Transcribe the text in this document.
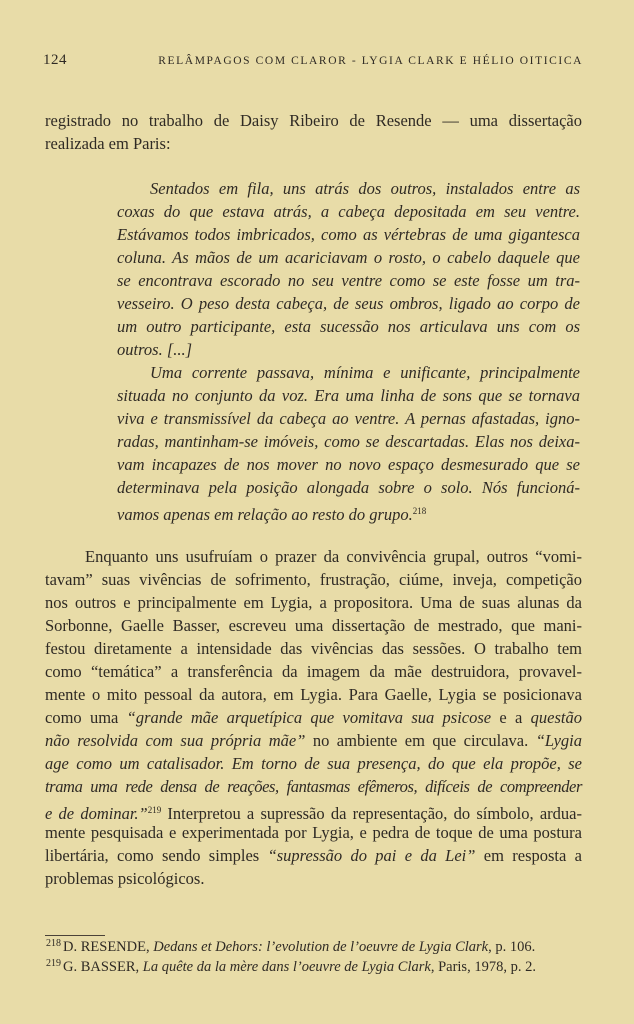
124	RELÂMPAGOS COM CLAROR - LYGIA CLARK E HÉLIO OITICICA
registrado no trabalho de Daisy Ribeiro de Resende — uma dissertação
realizada em Paris:
Sentados em fila, uns atrás dos outros, instalados entre as
coxas do que estava atrás, a cabeça depositada em seu ventre.
Estávamos todos imbricados, como as vértebras de uma gigantesca
coluna. As mãos de um acariciavam o rosto, o cabelo daquele que
se encontrava escorado no seu ventre como se este fosse um tra-
vesseiro. O peso desta cabeça, de seus ombros, ligado ao corpo de
um outro participante, esta sucessão nos articulava uns com os
outros. [...]
Uma corrente passava, mínima e unificante, principalmente
situada no conjunto da voz. Era uma linha de sons que se tornava
viva e transmissível da cabeça ao ventre. A pernas afastadas, igno-
radas, mantinham-se imóveis, como se descartadas. Elas nos deixa-
vam incapazes de nos mover no novo espaço desmesurado que se
determinava pela posição alongada sobre o solo. Nós funcioná-
vamos apenas em relação ao resto do grupo.$^{218}$
Enquanto uns usufruíam o prazer da convivência grupal, outros “vomi-
tavam” suas vivências de sofrimento, frustração, ciúme, inveja, competição
nos outros e principalmente em Lygia, a propositora. Uma de suas alunas da
Sorbonne, Gaelle Basser, escreveu uma dissertação de mestrado, que mani-
festou diretamente a intensidade das vivências das sessões. O trabalho tem
como “temática” a transferência da imagem da mãe destruidora, provavel-
mente o mito pessoal da autora, em Lygia. Para Gaelle, Lygia se posicionava
como uma “grande mãe arquetípica que vomitava sua psicose e a questão
não resolvida com sua própria mãe” no ambiente em que circulava. “Lygia
age como um catalisador. Em torno de sua presença, do que ela propõe, se
trama uma rede densa de reações, fantasmas efêmeros, difíceis de compreender
e de dominar.”$^{219}$ Interpretou a supressão da representação, do símbolo, ardua-
mente pesquisada e experimentada por Lygia, e pedra de toque de uma postura
libertária, como sendo simples “supressão do pai e da Lei” em resposta a
problemas psicológicos.
$^{218}$ D. RESENDE, Dedans et Dehors: l’evolution de l’oeuvre de Lygia Clark, p. 106.
$^{219}$ G. BASSER, La quête da la mère dans l’oeuvre de Lygia Clark, Paris, 1978, p. 2.
